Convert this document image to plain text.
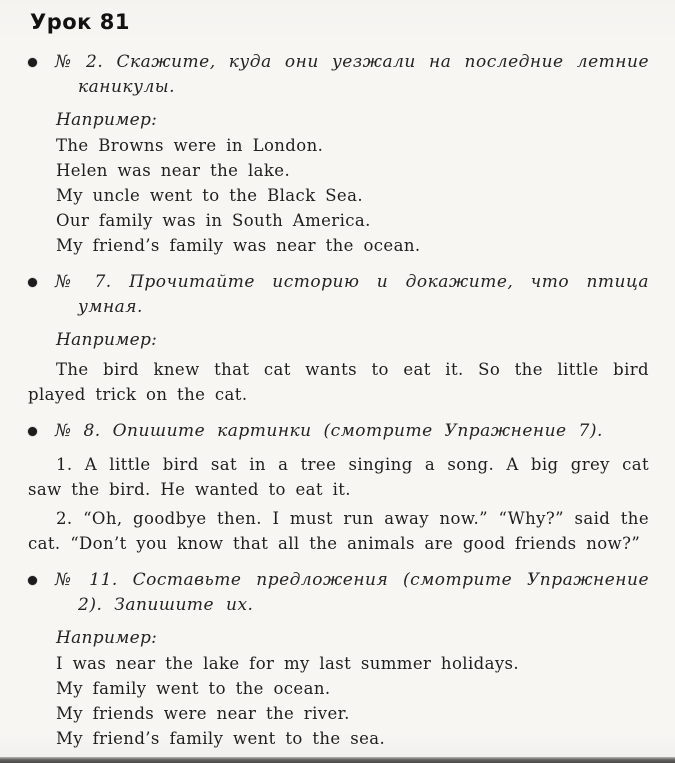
Урок 81

№ 2. Скажите, куда они уезжали на последние летние каникулы.

Например:

The Browns were in London.
Helen was near the lake.
My uncle went to the Black Sea.
Our family was in South America.
My friend’s family was near the ocean.

№ 7. Прочитайте историю и докажите, что птица умная.

Например:

The bird knew that cat wants to eat it. So the little bird played trick on the cat.

№ 8. Опишите картинки (смотрите Упражнение 7).

1. A little bird sat in a tree singing a song. A big grey cat saw the bird. He wanted to eat it.

2. “Oh, goodbye then. I must run away now.” “Why?” said the cat. “Don’t you know that all the animals are good friends now?”

№ 11. Составьте предложения (смотрите Упражнение 2). Запишите их.

Например:

I was near the lake for my last summer holidays.
My family went to the ocean.
My friends were near the river.
My friend’s family went to the sea.
